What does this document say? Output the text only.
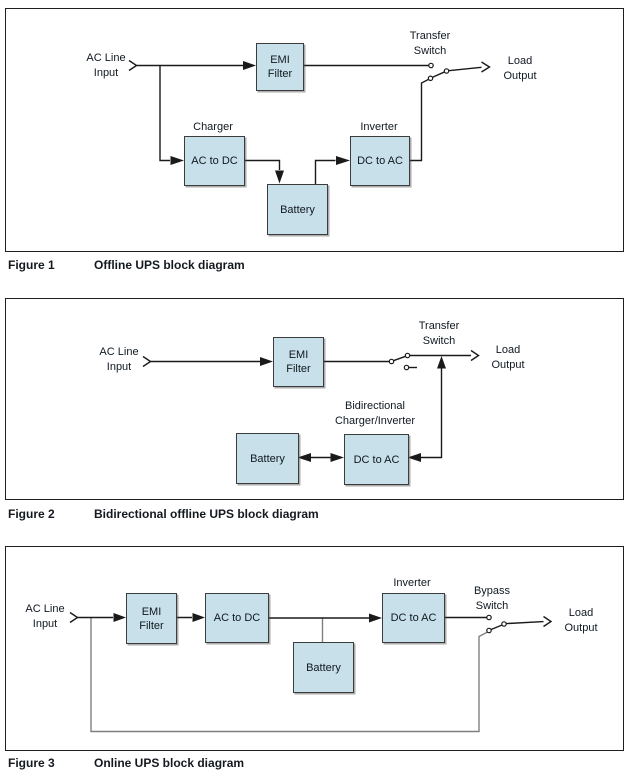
EMI
Filter
AC to DC
Battery
DC to AC
AC Line
Input
Charger	Inverter
Transfer
Switch
Load
Output
Figure 1	Offline UPS block diagram
EMI
Filter
Battery	DC to AC
AC Line
Input
Transfer
Switch
Load
Output
Bidirectional
Charger/Inverter
Figure 2	Bidirectional offline UPS block diagram
EMI
Filter
AC to DC
Battery
DC to AC
AC Line
Input
Inverter
Bypass
Switch
Load
Output
Figure 3	Online UPS block diagram
